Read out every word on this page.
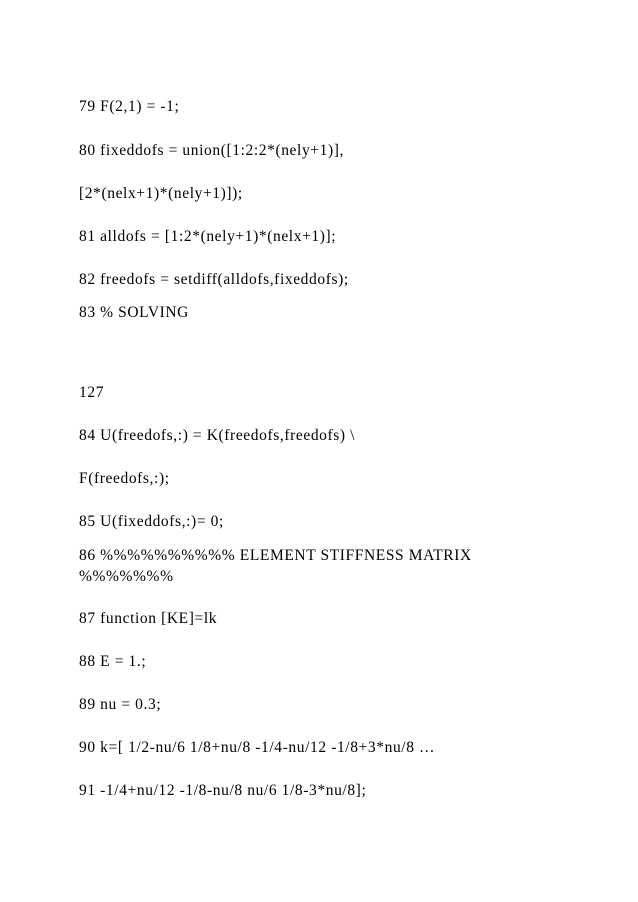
79 F(2,1) = -1;

80 fixeddofs = union([1:2:2*(nely+1)],

[2*(nelx+1)*(nely+1)]);

81 alldofs = [1:2*(nely+1)*(nelx+1)];

82 freedofs = setdiff(alldofs,fixeddofs);

83 % SOLVING

127

84 U(freedofs,:) = K(freedofs,freedofs) \

F(freedofs,:);

85 U(fixeddofs,:)= 0;

86 %%%%%%%%%% ELEMENT STIFFNESS MATRIX

%%%%%%%

87 function [KE]=lk

88 E = 1.;

89 nu = 0.3;

90 k=[ 1/2-nu/6 1/8+nu/8 -1/4-nu/12 -1/8+3*nu/8 …

91 -1/4+nu/12 -1/8-nu/8 nu/6 1/8-3*nu/8];
